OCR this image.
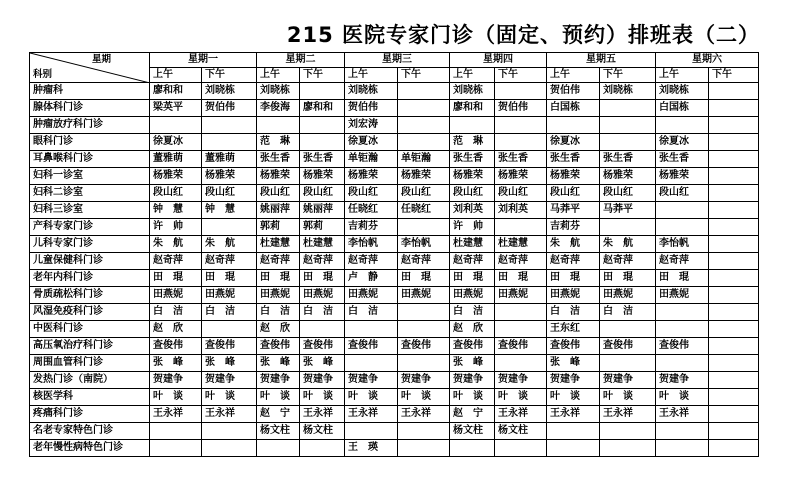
215 医院专家门诊（固定、预约）排班表（二）
星期
科别	星期一		星期二		星期三		星期四		星期五		星期六	
	上午	下午	上午	下午	上午	下午	上午	下午	上午	下午	上午	下午
肿瘤科	廖和和	刘晓栋	刘晓栋		刘晓栋		刘晓栋		贺伯伟	刘晓栋	刘晓栋	
腺体科门诊	梁英平	贺伯伟	李俊海	廖和和	贺伯伟		廖和和	贺伯伟	白国栋		白国栋	
肿瘤放疗科门诊					刘宏涛							
眼科门诊	徐夏冰		范　琳		徐夏冰		范　琳		徐夏冰		徐夏冰	
耳鼻喉科门诊	董雅萌	董雅萌	张生香	张生香	单钜瀚	单钜瀚	张生香	张生香	张生香	张生香	张生香	
妇科一诊室	杨雅荣	杨雅荣	杨雅荣	杨雅荣	杨雅荣	杨雅荣	杨雅荣	杨雅荣	杨雅荣	杨雅荣	杨雅荣	
妇科二诊室	段山红	段山红	段山红	段山红	段山红	段山红	段山红	段山红	段山红	段山红	段山红	
妇科三诊室	钟　慧	钟　慧	姚丽萍	姚丽萍	任晓红	任晓红	刘利英	刘利英	马莽平	马莽平		
产科专家门诊	许　帅		郭莉	郭莉	吉莉芬		许　帅		吉莉芬			
儿科专家门诊	朱　航	朱　航	杜建慧	杜建慧	李怡帆	李怡帆	杜建慧	杜建慧	朱　航	朱　航	李怡帆	
儿童保健科门诊	赵奇萍	赵奇萍	赵奇萍	赵奇萍	赵奇萍	赵奇萍	赵奇萍	赵奇萍	赵奇萍	赵奇萍	赵奇萍	
老年内科门诊	田　琨	田　琨	田　琨	田　琨	卢　静	田　琨	田　琨	田　琨	田　琨	田　琨	田　琨	
骨质疏松科门诊	田燕妮	田燕妮	田燕妮	田燕妮	田燕妮	田燕妮	田燕妮	田燕妮	田燕妮	田燕妮	田燕妮	
风湿免疫科门诊	白　洁	白　洁	白　洁	白　洁	白　洁		白　洁		白　洁	白　洁		
中医科门诊	赵　欣		赵　欣				赵　欣		王东红			
高压氧治疗科门诊	查俊伟	查俊伟	查俊伟	查俊伟	查俊伟	查俊伟	查俊伟	查俊伟	查俊伟	查俊伟	查俊伟	
周围血管科门诊	张　峰	张　峰	张　峰	张　峰			张　峰		张　峰			
发热门诊（南院）	贺建争	贺建争	贺建争	贺建争	贺建争	贺建争	贺建争	贺建争	贺建争	贺建争	贺建争	
核医学科	叶　谈	叶　谈	叶　谈	叶　谈	叶　谈	叶　谈	叶　谈	叶　谈	叶　谈	叶　谈	叶　谈	
疼痛科门诊	王永祥	王永祥	赵　宁	王永祥	王永祥	王永祥	赵　宁	王永祥	王永祥	王永祥	王永祥	
名老专家特色门诊			杨文柱	杨文柱			杨文柱	杨文柱				
老年慢性病特色门诊					王　瑛							
